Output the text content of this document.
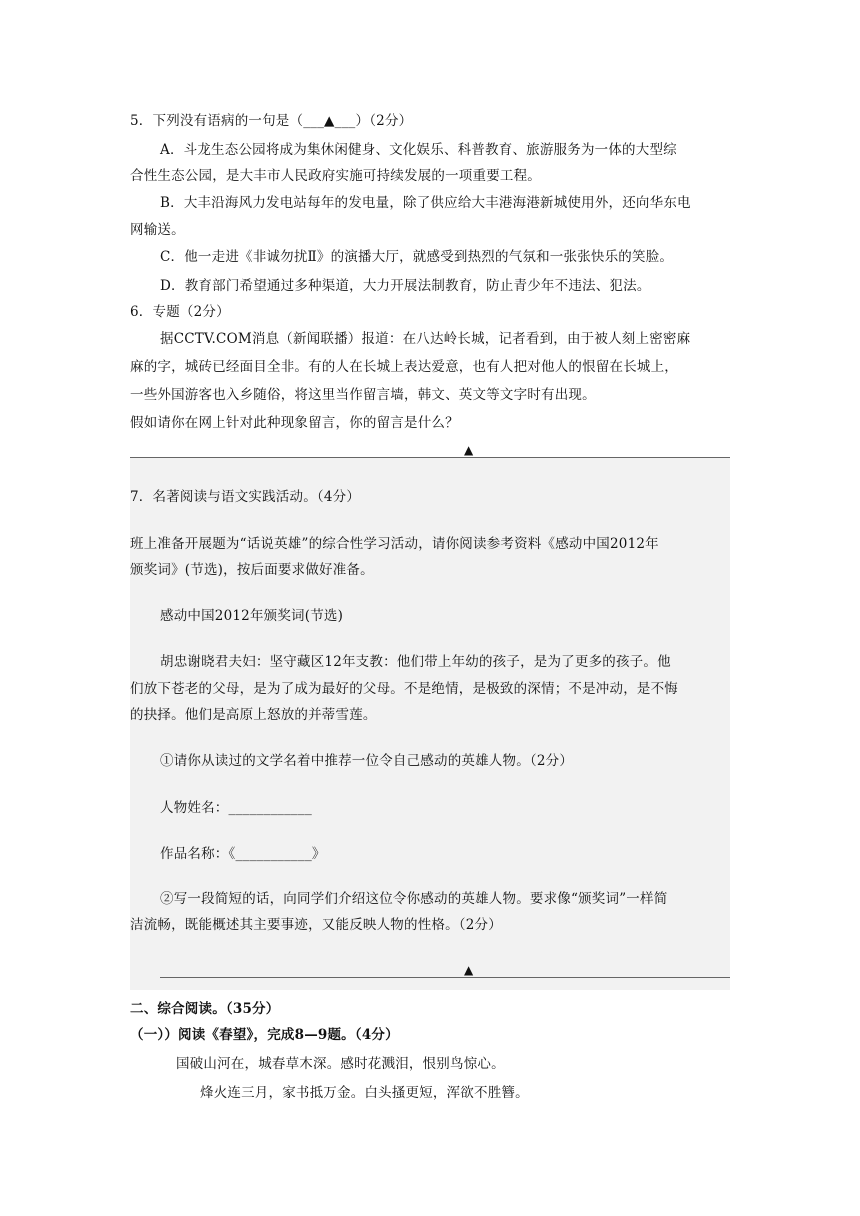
5．下列没有语病的一句是（___▲___）（2分）
A．斗龙生态公园将成为集休闲健身、文化娱乐、科普教育、旅游服务为一体的大型综
合性生态公园，是大丰市人民政府实施可持续发展的一项重要工程。
B．大丰沿海风力发电站每年的发电量，除了供应给大丰港海港新城使用外，还向华东电
网输送。
C．他一走进《非诚勿扰Ⅱ》的演播大厅，就感受到热烈的气氛和一张张快乐的笑脸。
D．教育部门希望通过多种渠道，大力开展法制教育，防止青少年不违法、犯法。
6．专题（2分）
据CCTV.COM消息（新闻联播）报道：在八达岭长城，记者看到，由于被人刻上密密麻
麻的字，城砖已经面目全非。有的人在长城上表达爱意，也有人把对他人的恨留在长城上，
一些外国游客也入乡随俗，将这里当作留言墙，韩文、英文等文字时有出现。
假如请你在网上针对此种现象留言，你的留言是什么？
▲
7．名著阅读与语文实践活动。（4分）
班上准备开展题为“话说英雄”的综合性学习活动，请你阅读参考资料《感动中国2012年
颁奖词》(节选)，按后面要求做好准备。
感动中国2012年颁奖词(节选)
胡忠谢晓君夫妇：坚守藏区12年支教：他们带上年幼的孩子，是为了更多的孩子。他
们放下苍老的父母，是为了成为最好的父母。不是绝情，是极致的深情；不是冲动，是不悔
的抉择。他们是高原上怒放的并蒂雪莲。
①请你从读过的文学名着中推荐一位令自己感动的英雄人物。（2分）
人物姓名：____________
作品名称：《___________》
②写一段简短的话，向同学们介绍这位令你感动的英雄人物。要求像“颁奖词”一样简
洁流畅，既能概述其主要事迹，又能反映人物的性格。（2分）
▲
二、综合阅读。（35分）
（一））阅读《春望》，完成8—9题。（4分）
国破山河在，城春草木深。感时花溅泪，恨别鸟惊心。
烽火连三月，家书抵万金。白头搔更短，浑欲不胜簪。
